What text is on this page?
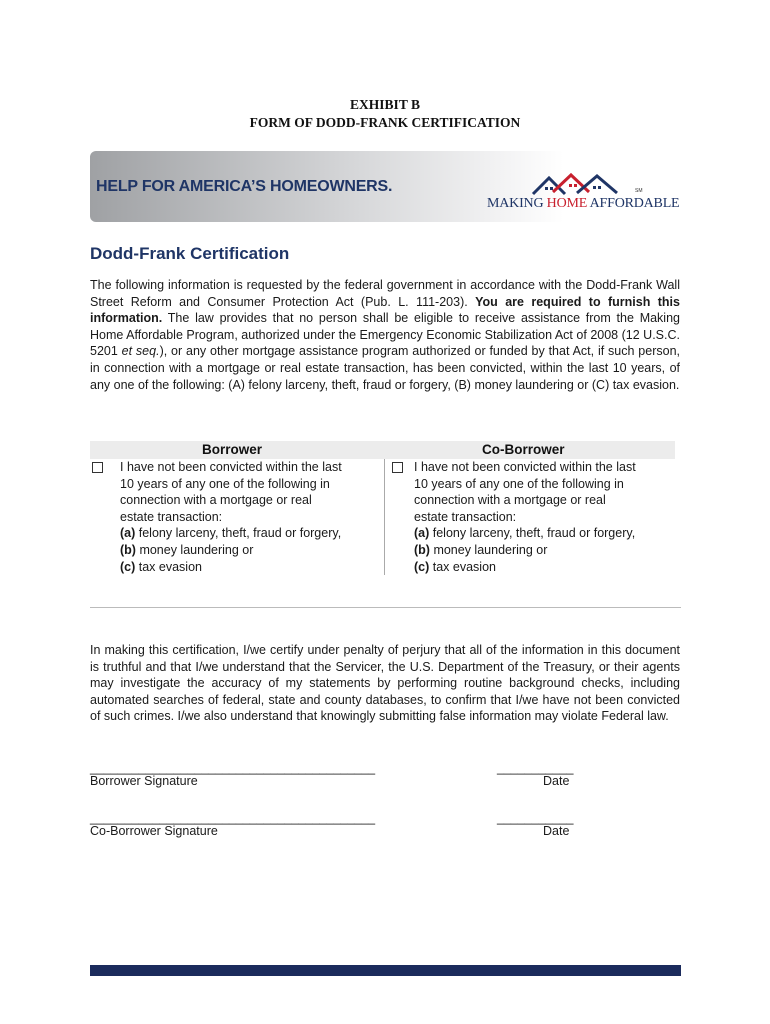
EXHIBIT B
FORM OF DODD-FRANK CERTIFICATION
HELP FOR AMERICA’S HOMEOWNERS.	SM
MAKING HOME AFFORDABLE
Dodd-Frank Certification
The following information is requested by the federal government in accordance with the Dodd-Frank Wall Street Reform and Consumer Protection Act (Pub. L. 111-203). You are required to furnish this information. The law provides that no person shall be eligible to receive assistance from the Making Home Affordable Program, authorized under the Emergency Economic Stabilization Act of 2008 (12 U.S.C. 5201 et seq.), or any other mortgage assistance program authorized or funded by that Act, if such person, in connection with a mortgage or real estate transaction, has been convicted, within the last 10 years, of any one of the following: (A) felony larceny, theft, fraud or forgery, (B) money laundering or (C) tax evasion.
Borrower	Co-Borrower
I have not been convicted within the last
10 years of any one of the following in
connection with a mortgage or real
estate transaction:
(a) felony larceny, theft, fraud or forgery,
(b) money laundering or
(c) tax evasion
I have not been convicted within the last
10 years of any one of the following in
connection with a mortgage or real
estate transaction:
(a) felony larceny, theft, fraud or forgery,
(b) money laundering or
(c) tax evasion
In making this certification, I/we certify under penalty of perjury that all of the information in this document is truthful and that I/we understand that the Servicer, the U.S. Department of the Treasury, or their agents may investigate the accuracy of my statements by performing routine background checks, including automated searches of federal, state and county databases, to confirm that I/we have not been convicted of such crimes. I/we also understand that knowingly submitting false information may violate Federal law.
_________________________________________
Borrower Signature
___________
Date
_________________________________________
Co-Borrower Signature
___________
Date
